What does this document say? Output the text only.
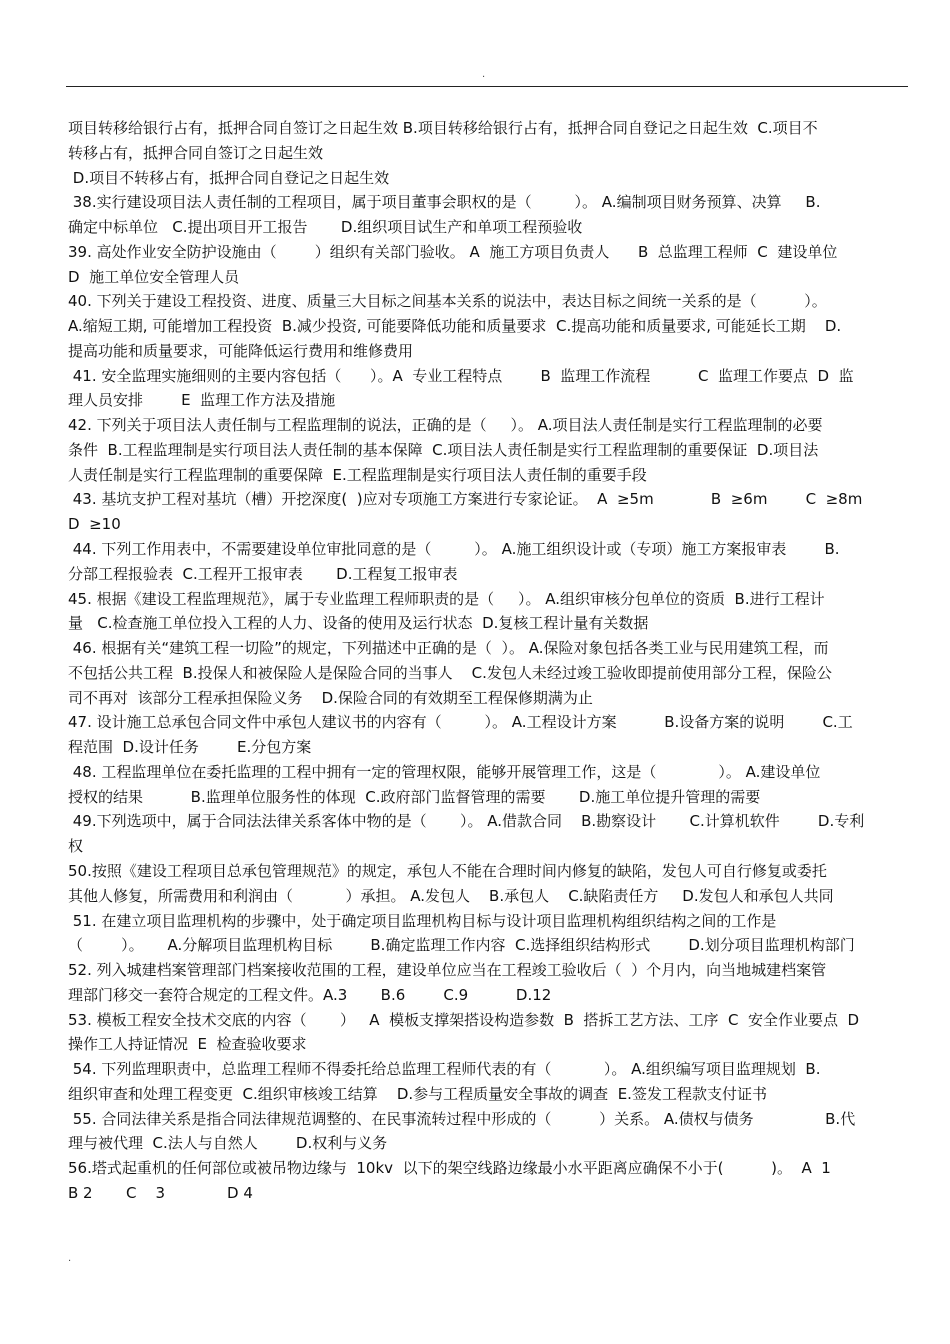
.
项目转移给银行占有，抵押合同自签订之日起生效 B.项目转移给银行占有，抵押合同自登记之日起生效  C.项目不
转移占有，抵押合同自签订之日起生效
D.项目不转移占有，抵押合同自登记之日起生效
38.实行建设项目法人责任制的工程项目，属于项目董事会职权的是（         ）。 A.编制项目财务预算、决算     B.
确定中标单位   C.提出项目开工报告       D.组织项目试生产和单项工程预验收
39. 高处作业安全防护设施由（        ）组织有关部门验收。 A  施工方项目负责人      B  总监理工程师  C  建设单位
D  施工单位安全管理人员
40. 下列关于建设工程投资、进度、质量三大目标之间基本关系的说法中，表达目标之间统一关系的是（          ）。
A.缩短工期, 可能增加工程投资  B.减少投资, 可能要降低功能和质量要求  C.提高功能和质量要求, 可能延长工期    D.
提高功能和质量要求，可能降低运行费用和维修费用
41. 安全监理实施细则的主要内容包括（      ）。A  专业工程特点        B  监理工作流程          C  监理工作要点  D  监
理人员安排        E  监理工作方法及措施
42. 下列关于项目法人责任制与工程监理制的说法，正确的是（     ）。 A.项目法人责任制是实行工程监理制的必要
条件  B.工程监理制是实行项目法人责任制的基本保障  C.项目法人责任制是实行工程监理制的重要保证  D.项目法
人责任制是实行工程监理制的重要保障  E.工程监理制是实行项目法人责任制的重要手段
43. 基坑支护工程对基坑（槽）开挖深度(  )应对专项施工方案进行专家论证。  A  ≥5m            B  ≥6m        C  ≥8m
D  ≥10
44. 下列工作用表中，不需要建设单位审批同意的是（         ）。 A.施工组织设计或（专项）施工方案报审表        B.
分部工程报验表  C.工程开工报审表       D.工程复工报审表
45. 根据《建设工程监理规范》，属于专业监理工程师职责的是（     ）。 A.组织审核分包单位的资质  B.进行工程计
量   C.检查施工单位投入工程的人力、设备的使用及运行状态  D.复核工程计量有关数据
46. 根据有关“建筑工程一切险”的规定，下列描述中正确的是（  ）。 A.保险对象包括各类工业与民用建筑工程，而
不包括公共工程  B.投保人和被保险人是保险合同的当事人    C.发包人未经过竣工验收即提前使用部分工程，保险公
司不再对  该部分工程承担保险义务    D.保险合同的有效期至工程保修期满为止
47. 设计施工总承包合同文件中承包人建议书的内容有（         ）。 A.工程设计方案          B.设备方案的说明        C.工
程范围  D.设计任务        E.分包方案
48. 工程监理单位在委托监理的工程中拥有一定的管理权限，能够开展管理工作，这是（             ）。 A.建设单位
授权的结果          B.监理单位服务性的体现  C.政府部门监督管理的需要       D.施工单位提升管理的需要
49.下列选项中，属于合同法法律关系客体中物的是（       ）。 A.借款合同    B.勘察设计       C.计算机软件        D.专利
权
50.按照《建设工程项目总承包管理规范》的规定，承包人不能在合理时间内修复的缺陷，发包人可自行修复或委托
其他人修复，所需费用和利润由（           ）承担。 A.发包人    B.承包人    C.缺陷责任方     D.发包人和承包人共同
51. 在建立项目监理机构的步骤中，处于确定项目监理机构目标与设计项目监理机构组织结构之间的工作是
（        ）。     A.分解项目监理机构目标        B.确定监理工作内容  C.选择组织结构形式        D.划分项目监理机构部门
52. 列入城建档案管理部门档案接收范围的工程，建设单位应当在工程竣工验收后（  ）个月内，向当地城建档案管
理部门移交一套符合规定的工程文件。A.3       B.6        C.9          D.12
53. 模板工程安全技术交底的内容（       ）   A  模板支撑架搭设构造参数  B  搭拆工艺方法、工序  C  安全作业要点  D
操作工人持证情况  E  检查验收要求
54. 下列监理职责中，总监理工程师不得委托给总监理工程师代表的有（           ）。 A.组织编写项目监理规划  B.
组织审查和处理工程变更  C.组织审核竣工结算    D.参与工程质量安全事故的调查  E.签发工程款支付证书
55. 合同法律关系是指合同法律规范调整的、在民事流转过程中形成的（          ）关系。 A.债权与债务               B.代
理与被代理  C.法人与自然人        D.权利与义务
56.塔式起重机的任何部位或被吊物边缘与  10kv  以下的架空线路边缘最小水平距离应确保不小于(          )。  A  1
B 2       C    3             D 4
.
